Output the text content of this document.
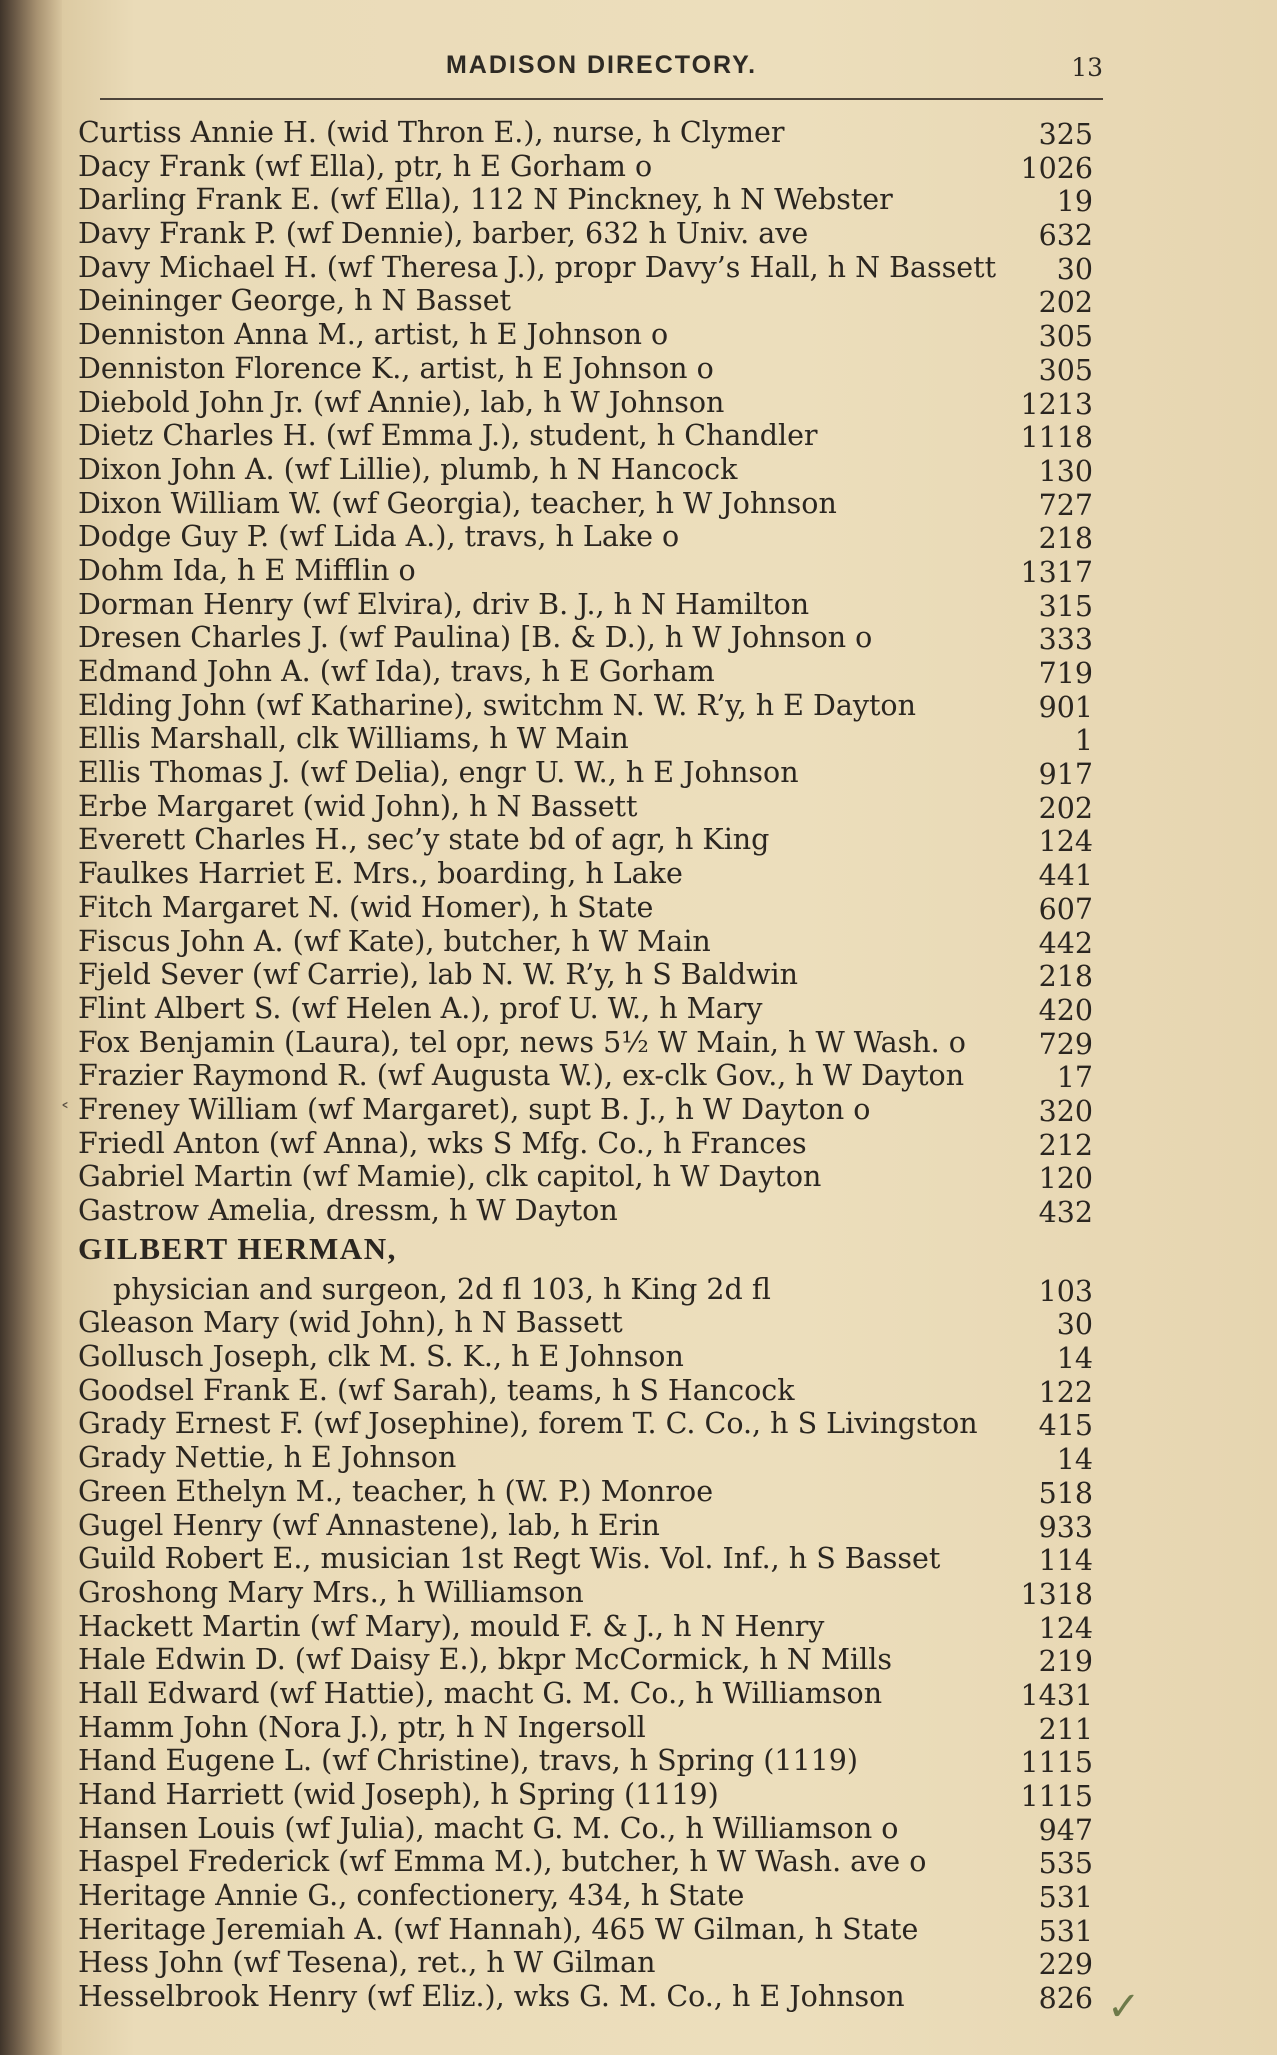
MADISON DIRECTORY.	13
Curtiss Annie H. (wid Thron E.), nurse, h Clymer	325
Dacy Frank (wf Ella), ptr, h E Gorham o	1026
Darling Frank E. (wf Ella), 112 N Pinckney, h N Webster	19
Davy Frank P. (wf Dennie), barber, 632 h Univ. ave	632
Davy Michael H. (wf Theresa J.), propr Davy’s Hall, h N Bassett 30
Deininger George, h N Basset	202
Denniston Anna M., artist, h E Johnson o	305
Denniston Florence K., artist, h E Johnson o	305
Diebold John Jr. (wf Annie), lab, h W Johnson	1213
Dietz Charles H. (wf Emma J.), student, h Chandler	1118
Dixon John A. (wf Lillie), plumb, h N Hancock	130
Dixon William W. (wf Georgia), teacher, h W Johnson	727
Dodge Guy P. (wf Lida A.), travs, h Lake o	218
Dohm Ida, h E Mifflin o	1317
Dorman Henry (wf Elvira), driv B. J., h N Hamilton	315
Dresen Charles J. (wf Paulina) [B. & D.), h W Johnson o	333
Edmand John A. (wf Ida), travs, h E Gorham	719
Elding John (wf Katharine), switchm N. W. R’y, h E Dayton	901
Ellis Marshall, clk Williams, h W Main	1
Ellis Thomas J. (wf Delia), engr U. W., h E Johnson	917
Erbe Margaret (wid John), h N Bassett	202
Everett Charles H., sec’y state bd of agr, h King	124
Faulkes Harriet E. Mrs., boarding, h Lake	441
Fitch Margaret N. (wid Homer), h State	607
Fiscus John A. (wf Kate), butcher, h W Main	442
Fjeld Sever (wf Carrie), lab N. W. R’y, h S Baldwin	218
Flint Albert S. (wf Helen A.), prof U. W., h Mary	420
Fox Benjamin (Laura), tel opr, news 5½ W Main, h W Wash. o	729
Frazier Raymond R. (wf Augusta W.), ex-clk Gov., h W Dayton	17
Freney William (wf Margaret), supt B. J., h W Dayton o	320
Friedl Anton (wf Anna), wks S Mfg. Co., h Frances	212
Gabriel Martin (wf Mamie), clk capitol, h W Dayton	120
Gastrow Amelia, dressm, h W Dayton	432
GILBERT HERMAN,
physician and surgeon, 2d fl 103, h King 2d fl	103
Gleason Mary (wid John), h N Bassett	30
Gollusch Joseph, clk M. S. K., h E Johnson	14
Goodsel Frank E. (wf Sarah), teams, h S Hancock	122
Grady Ernest F. (wf Josephine), forem T. C. Co., h S Livingston 415
Grady Nettie, h E Johnson	14
Green Ethelyn M., teacher, h (W. P.) Monroe	518
Gugel Henry (wf Annastene), lab, h Erin	933
Guild Robert E., musician 1st Regt Wis. Vol. Inf., h S Basset	114
Groshong Mary Mrs., h Williamson	1318
Hackett Martin (wf Mary), mould F. & J., h N Henry	124
Hale Edwin D. (wf Daisy E.), bkpr McCormick, h N Mills	219
Hall Edward (wf Hattie), macht G. M. Co., h Williamson	1431
Hamm John (Nora J.), ptr, h N Ingersoll	211
Hand Eugene L. (wf Christine), travs, h Spring (1119)	1115
Hand Harriett (wid Joseph), h Spring (1119)	1115
Hansen Louis (wf Julia), macht G. M. Co., h Williamson o	947
Haspel Frederick (wf Emma M.), butcher, h W Wash. ave o	535
Heritage Annie G., confectionery, 434, h State	531
Heritage Jeremiah A. (wf Hannah), 465 W Gilman, h State	531
Hess John (wf Tesena), ret., h W Gilman	229
Hesselbrook Henry (wf Eliz.), wks G. M. Co., h E Johnson	826
˂
✓
